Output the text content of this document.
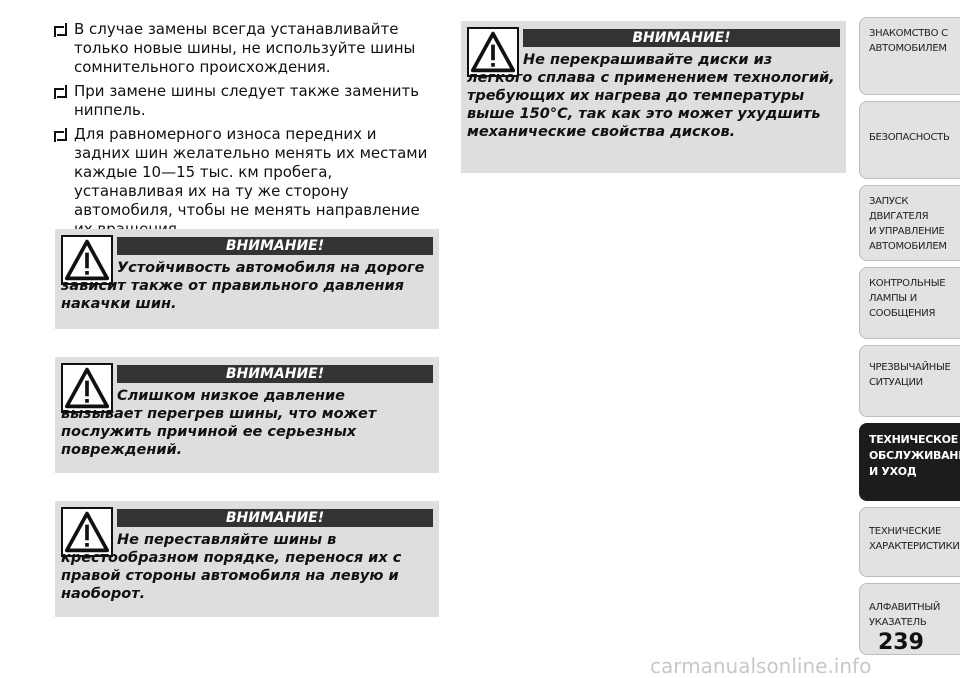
В случае замены всегда устанавливайте только новые шины, не используйте шины сомнительного происхождения.
При замене шины следует также заменить ниппель.
Для равномерного износа передних и задних шин желательно менять их местами каждые 10—15 тыс. км пробега, устанавливая их на ту же сторону автомобиля, чтобы не менять направление
ВНИМАНИЕ!
Устойчивость автомобиля на дороге зависит также от правильного давления накачки шин.
ВНИМАНИЕ!
Слишком низкое давление вызывает перегрев шины, что может послужить причиной ее серьезных повреждений.
ВНИМАНИЕ!
Не переставляйте шины в крестообразном порядке, перенося их с правой стороны автомобиля на левую и наоборот.
ВНИМАНИЕ!
Не перекрашивайте диски из легкого сплава с применением технологий, требующих их нагрева до температуры выше 150°C, так как это может ухудшить механические свойства дисков.
ЗНАКОМСТВО С
АВТОМОБИЛЕМ
БЕЗОПАСНОСТЬ
ЗАПУСК ДВИГАТЕЛЯ
И УПРАВЛЕНИЕ
АВТОМОБИЛЕМ
КОНТРОЛЬНЫЕ
ЛАМПЫ И
СООБЩЕНИЯ
ЧРЕЗВЫЧАЙНЫЕ
СИТУАЦИИ
ТЕХНИЧЕСКОЕ
ОБСЛУЖИВАНИЕ
И УХОД
ТЕХНИЧЕСКИЕ
ХАРАКТЕРИСТИКИ
АЛФАВИТНЫЙ
УКАЗАТЕЛЬ
239
carmanualsonline.info
